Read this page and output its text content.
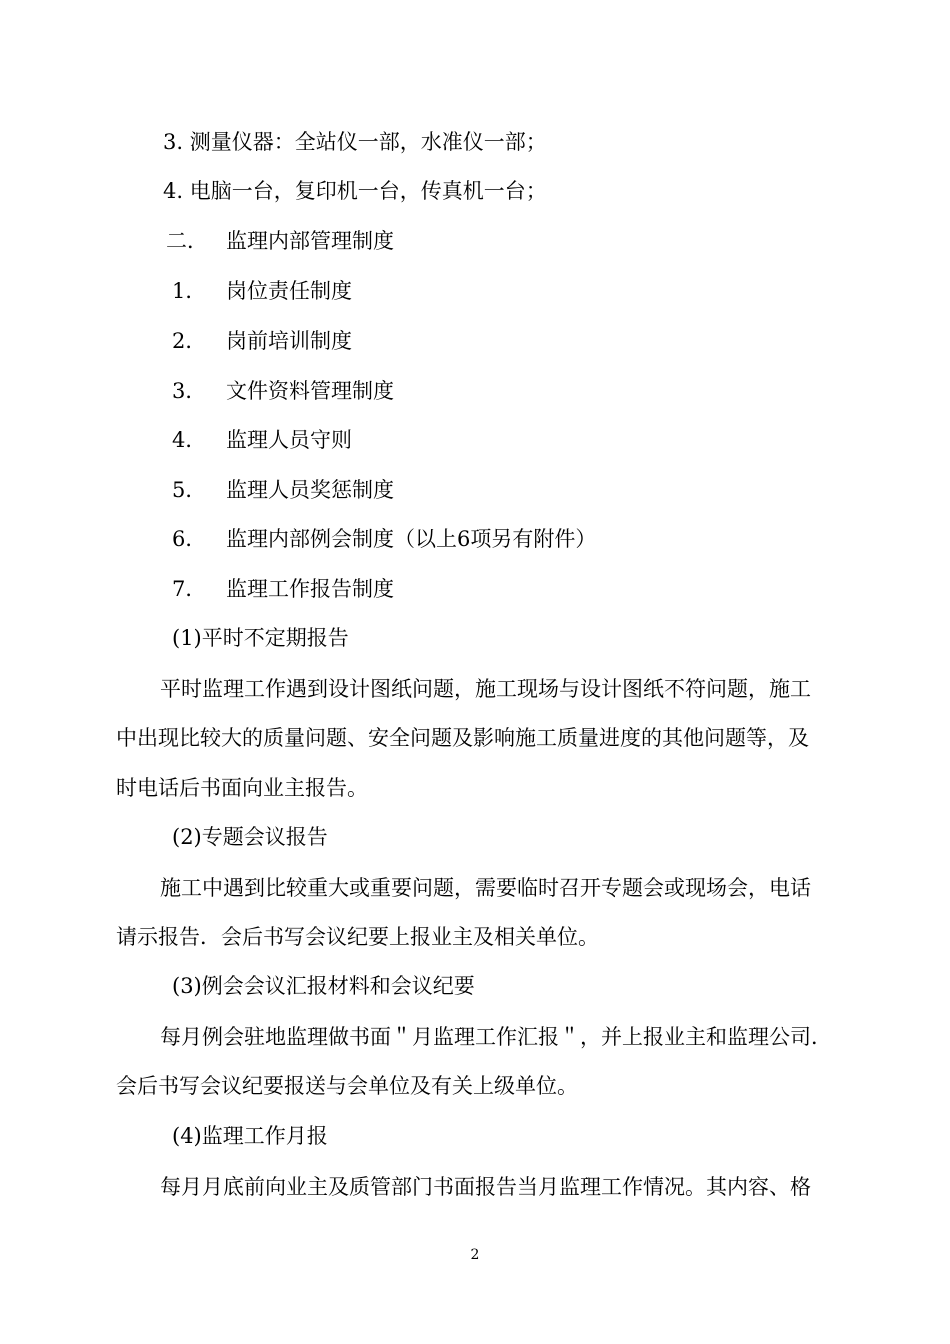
3. 测量仪器：全站仪一部，水准仪一部；
4. 电脑一台，复印机一台，传真机一台；
二． 监理内部管理制度
1． 岗位责任制度
2． 岗前培训制度
3． 文件资料管理制度
4． 监理人员守则
5． 监理人员奖惩制度
6． 监理内部例会制度（以上6项另有附件）
7． 监理工作报告制度
(1)平时不定期报告
平时监理工作遇到设计图纸问题，施工现场与设计图纸不符问题，施工
中出现比较大的质量问题、安全问题及影响施工质量进度的其他问题等，及
时电话后书面向业主报告。
(2)专题会议报告
施工中遇到比较重大或重要问题，需要临时召开专题会或现场会，电话
请示报告．会后书写会议纪要上报业主及相关单位。
(3)例会会议汇报材料和会议纪要
每月例会驻地监理做书面＂月监理工作汇报＂，并上报业主和监理公司．
会后书写会议纪要报送与会单位及有关上级单位。
(4)监理工作月报
每月月底前向业主及质管部门书面报告当月监理工作情况。其内容、格
2
